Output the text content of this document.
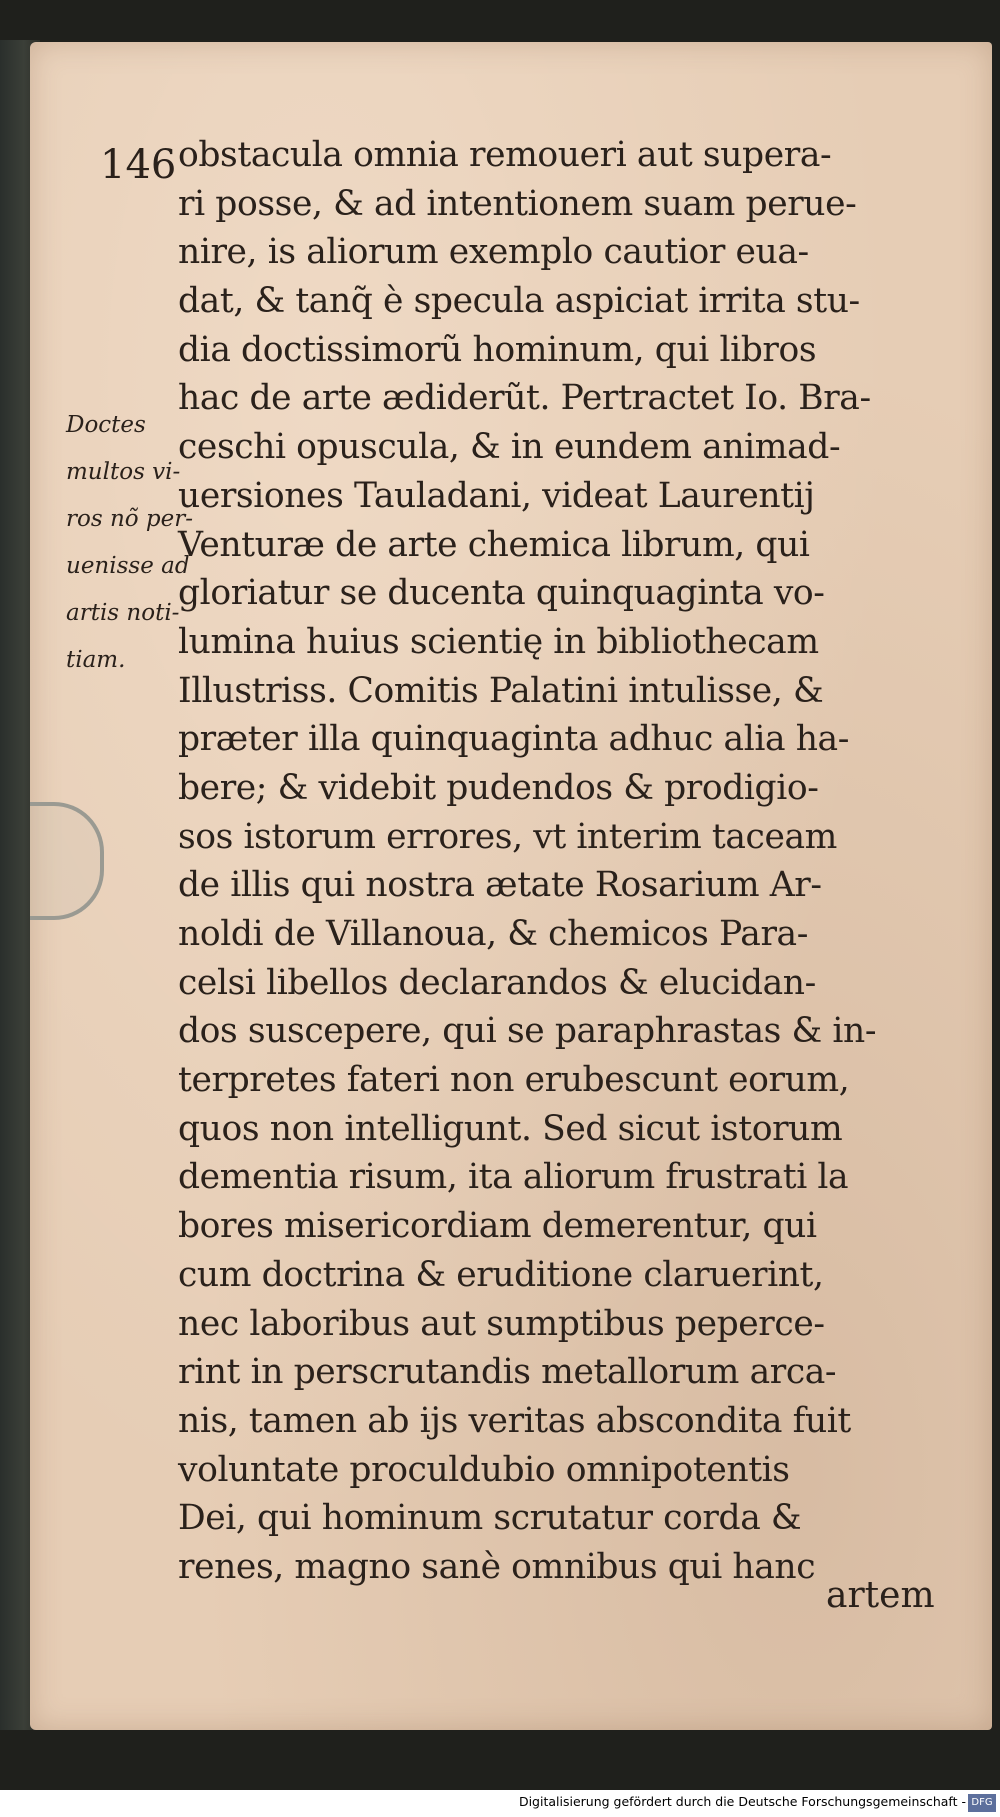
146

Doctes
multos vi-
ros nõ per-
uenisse ad
artis noti-
tiam.
obstacula omnia remoueri aut supera-
ri posse, & ad intentionem suam perue-
nire, is aliorum exemplo cautior eua-
dat, & tanq̃ è specula aspiciat irrita stu-
dia doctissimorũ hominum, qui libros
hac de arte ædiderũt. Pertractet Io. Bra-
ceschi opuscula, & in eundem animad-
uersiones Tauladani, videat Laurentij
Venturæ de arte chemica librum, qui
gloriatur se ducenta quinquaginta vo-
lumina huius scientię in bibliothecam
Illustriss. Comitis Palatini intulisse, &
præter illa quinquaginta adhuc alia ha-
bere; & videbit pudendos & prodigio-
sos istorum errores, vt interim taceam
de illis qui nostra ætate Rosarium Ar-
noldi de Villanoua, & chemicos Para-
celsi libellos declarandos & elucidan-
dos suscepere, qui se paraphrastas & in-
terpretes fateri non erubescunt eorum,
quos non intelligunt. Sed sicut istorum
dementia risum, ita aliorum frustrati la
bores misericordiam demerentur, qui
cum doctrina & eruditione claruerint,
nec laboribus aut sumptibus peperce-
rint in perscrutandis metallorum arca-
nis, tamen ab ijs veritas abscondita fuit
voluntate proculdubio omnipotentis
Dei, qui hominum scrutatur corda &
renes, magno sanè omnibus qui hanc

artem

Digitalisierung gefördert durch die Deutsche Forschungsgemeinschaft - DFG
